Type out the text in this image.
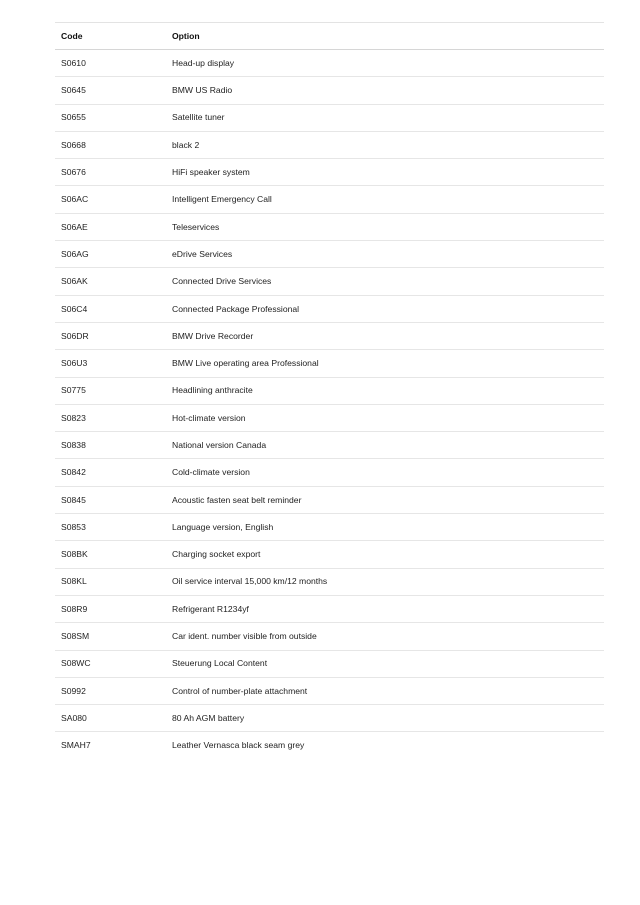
Code	Option
S0610	Head-up display
S0645	BMW US Radio
S0655	Satellite tuner
S0668	black 2
S0676	HiFi speaker system
S06AC	Intelligent Emergency Call
S06AE	Teleservices
S06AG	eDrive Services
S06AK	Connected Drive Services
S06C4	Connected Package Professional
S06DR	BMW Drive Recorder
S06U3	BMW Live operating area Professional
S0775	Headlining anthracite
S0823	Hot-climate version
S0838	National version Canada
S0842	Cold-climate version
S0845	Acoustic fasten seat belt reminder
S0853	Language version, English
S08BK	Charging socket export
S08KL	Oil service interval 15,000 km/12 months
S08R9	Refrigerant R1234yf
S08SM	Car ident. number visible from outside
S08WC	Steuerung Local Content
S0992	Control of number-plate attachment
SA080	80 Ah AGM battery
SMAH7	Leather Vernasca black seam grey
